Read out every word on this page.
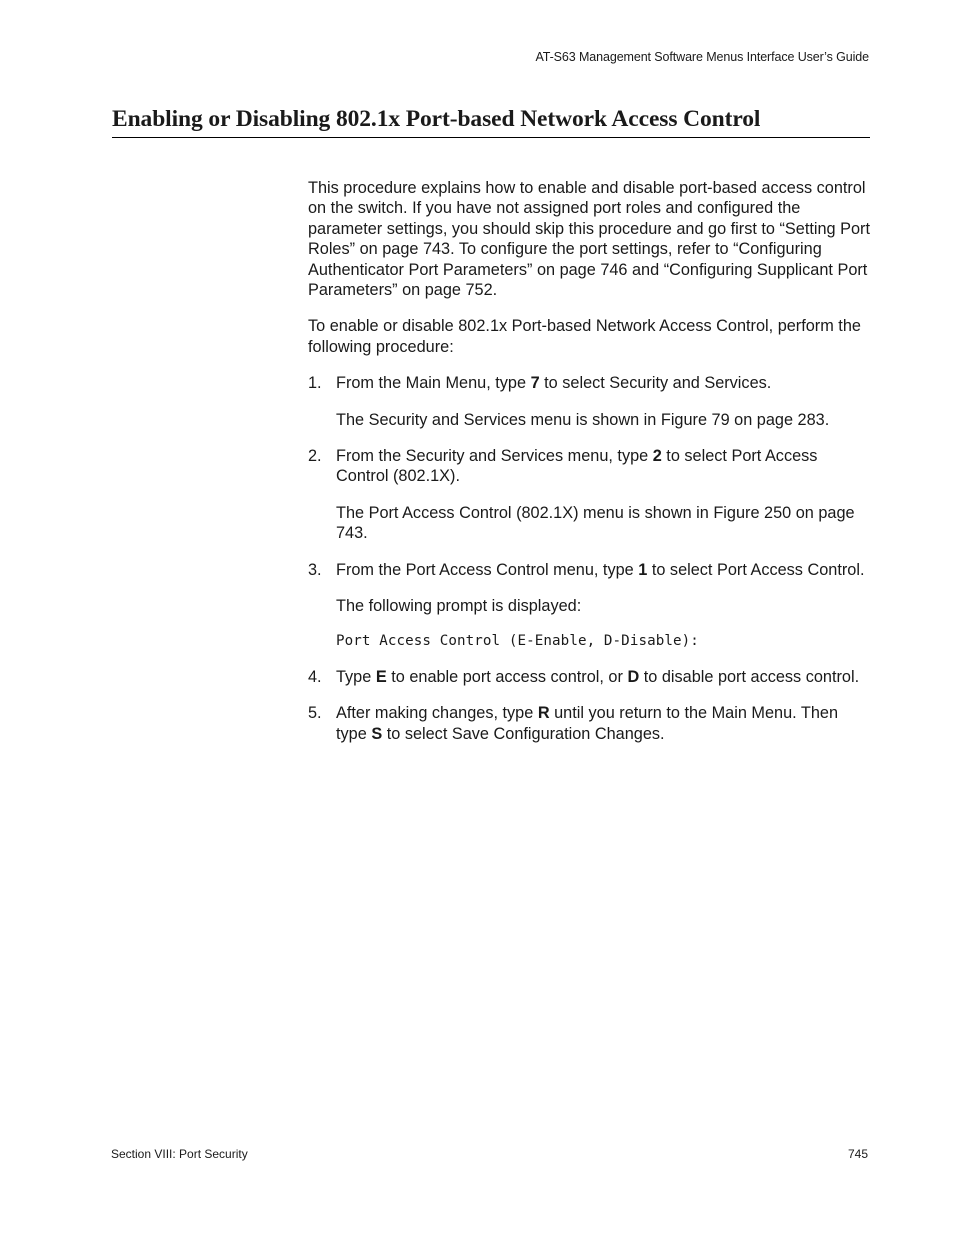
AT-S63 Management Software Menus Interface User’s Guide
Enabling or Disabling 802.1x Port-based Network Access Control

This procedure explains how to enable and disable port-based access control on the switch. If you have not assigned port roles and configured the parameter settings, you should skip this procedure and go first to “Setting Port Roles” on page 743. To configure the port settings, refer to “Configuring Authenticator Port Parameters” on page 746 and “Configuring Supplicant Port Parameters” on page 752.

To enable or disable 802.1x Port-based Network Access Control, perform the following procedure:

1. From the Main Menu, type 7 to select Security and Services.

The Security and Services menu is shown in Figure 79 on page 283.

2. From the Security and Services menu, type 2 to select Port Access Control (802.1X).

The Port Access Control (802.1X) menu is shown in Figure 250 on page 743.

3. From the Port Access Control menu, type 1 to select Port Access Control.

The following prompt is displayed:

Port Access Control (E-Enable, D-Disable):

4. Type E to enable port access control, or D to disable port access control.

5. After making changes, type R until you return to the Main Menu. Then type S to select Save Configuration Changes.

Section VIII: Port Security	745
